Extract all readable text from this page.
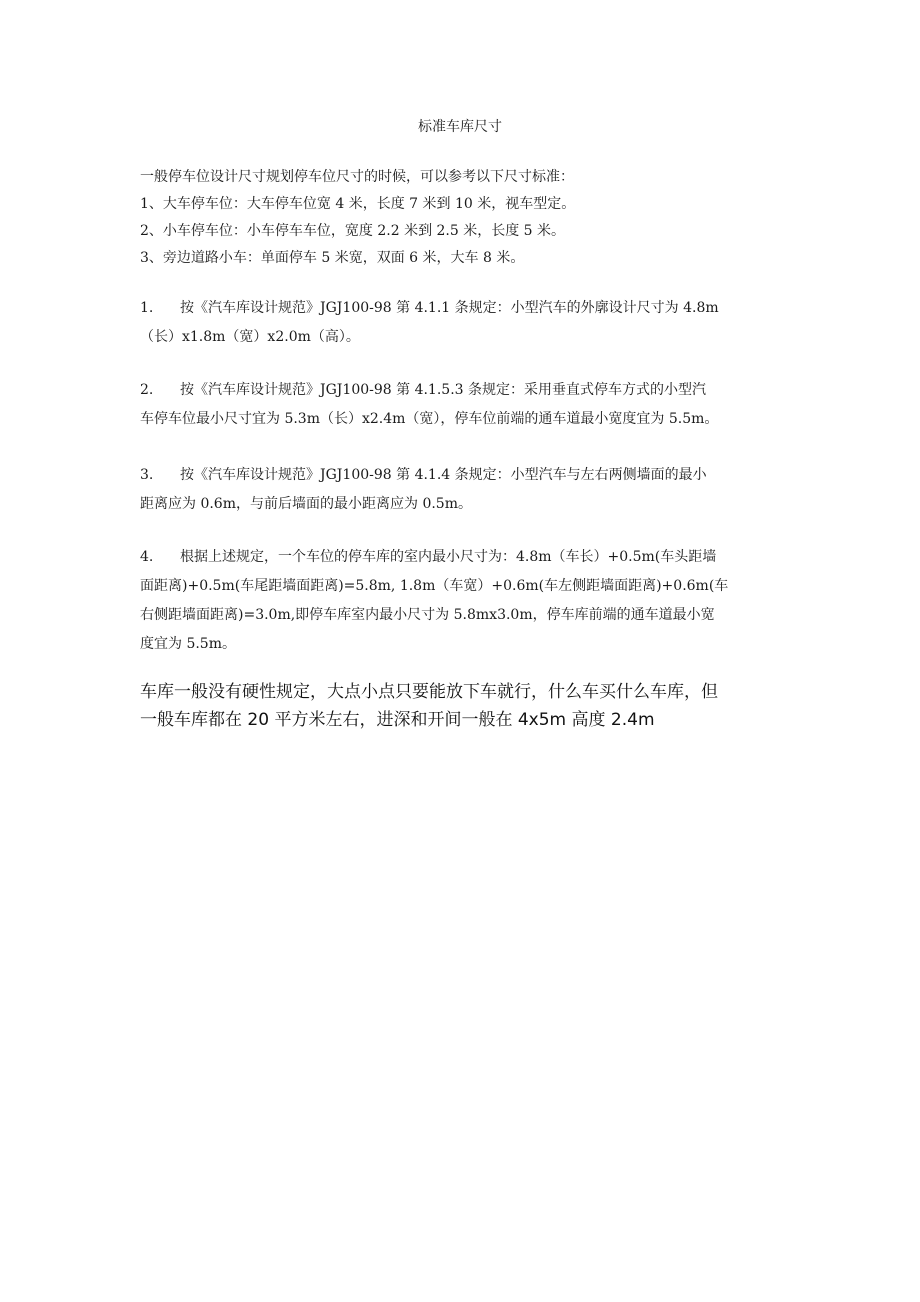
标准车库尺寸

一般停车位设计尺寸规划停车位尺寸的时候，可以参考以下尺寸标准：

1、大车停车位：大车停车位宽 4 米，长度 7 米到 10 米，视车型定。

2、小车停车位：小车停车车位，宽度 2.2 米到 2.5 米，长度 5 米。

3、旁边道路小车：单面停车 5 米宽，双面 6 米，大车 8 米。

1. 按《汽车库设计规范》JGJ100-98 第 4.1.1 条规定：小型汽车的外廓设计尺寸为 4.8m
（长）x1.8m（宽）x2.0m（高）。
2. 按《汽车库设计规范》JGJ100-98 第 4.1.5.3 条规定：采用垂直式停车方式的小型汽
车停车位最小尺寸宜为 5.3m（长）x2.4m（宽），停车位前端的通车道最小宽度宜为 5.5m。
3. 按《汽车库设计规范》JGJ100-98 第 4.1.4 条规定：小型汽车与左右两侧墙面的最小
距离应为 0.6m，与前后墙面的最小距离应为 0.5m。
4. 根据上述规定，一个车位的停车库的室内最小尺寸为：4.8m（车长）+0.5m(车头距墙
面距离)+0.5m(车尾距墙面距离)=5.8m, 1.8m（车宽）+0.6m(车左侧距墙面距离)+0.6m(车
右侧距墙面距离)=3.0m,即停车库室内最小尺寸为 5.8mx3.0m，停车库前端的通车道最小宽
度宜为 5.5m。
车库一般没有硬性规定，大点小点只要能放下车就行，什么车买什么车库，但
一般车库都在 20 平方米左右，进深和开间一般在 4x5m 高度 2.4m
